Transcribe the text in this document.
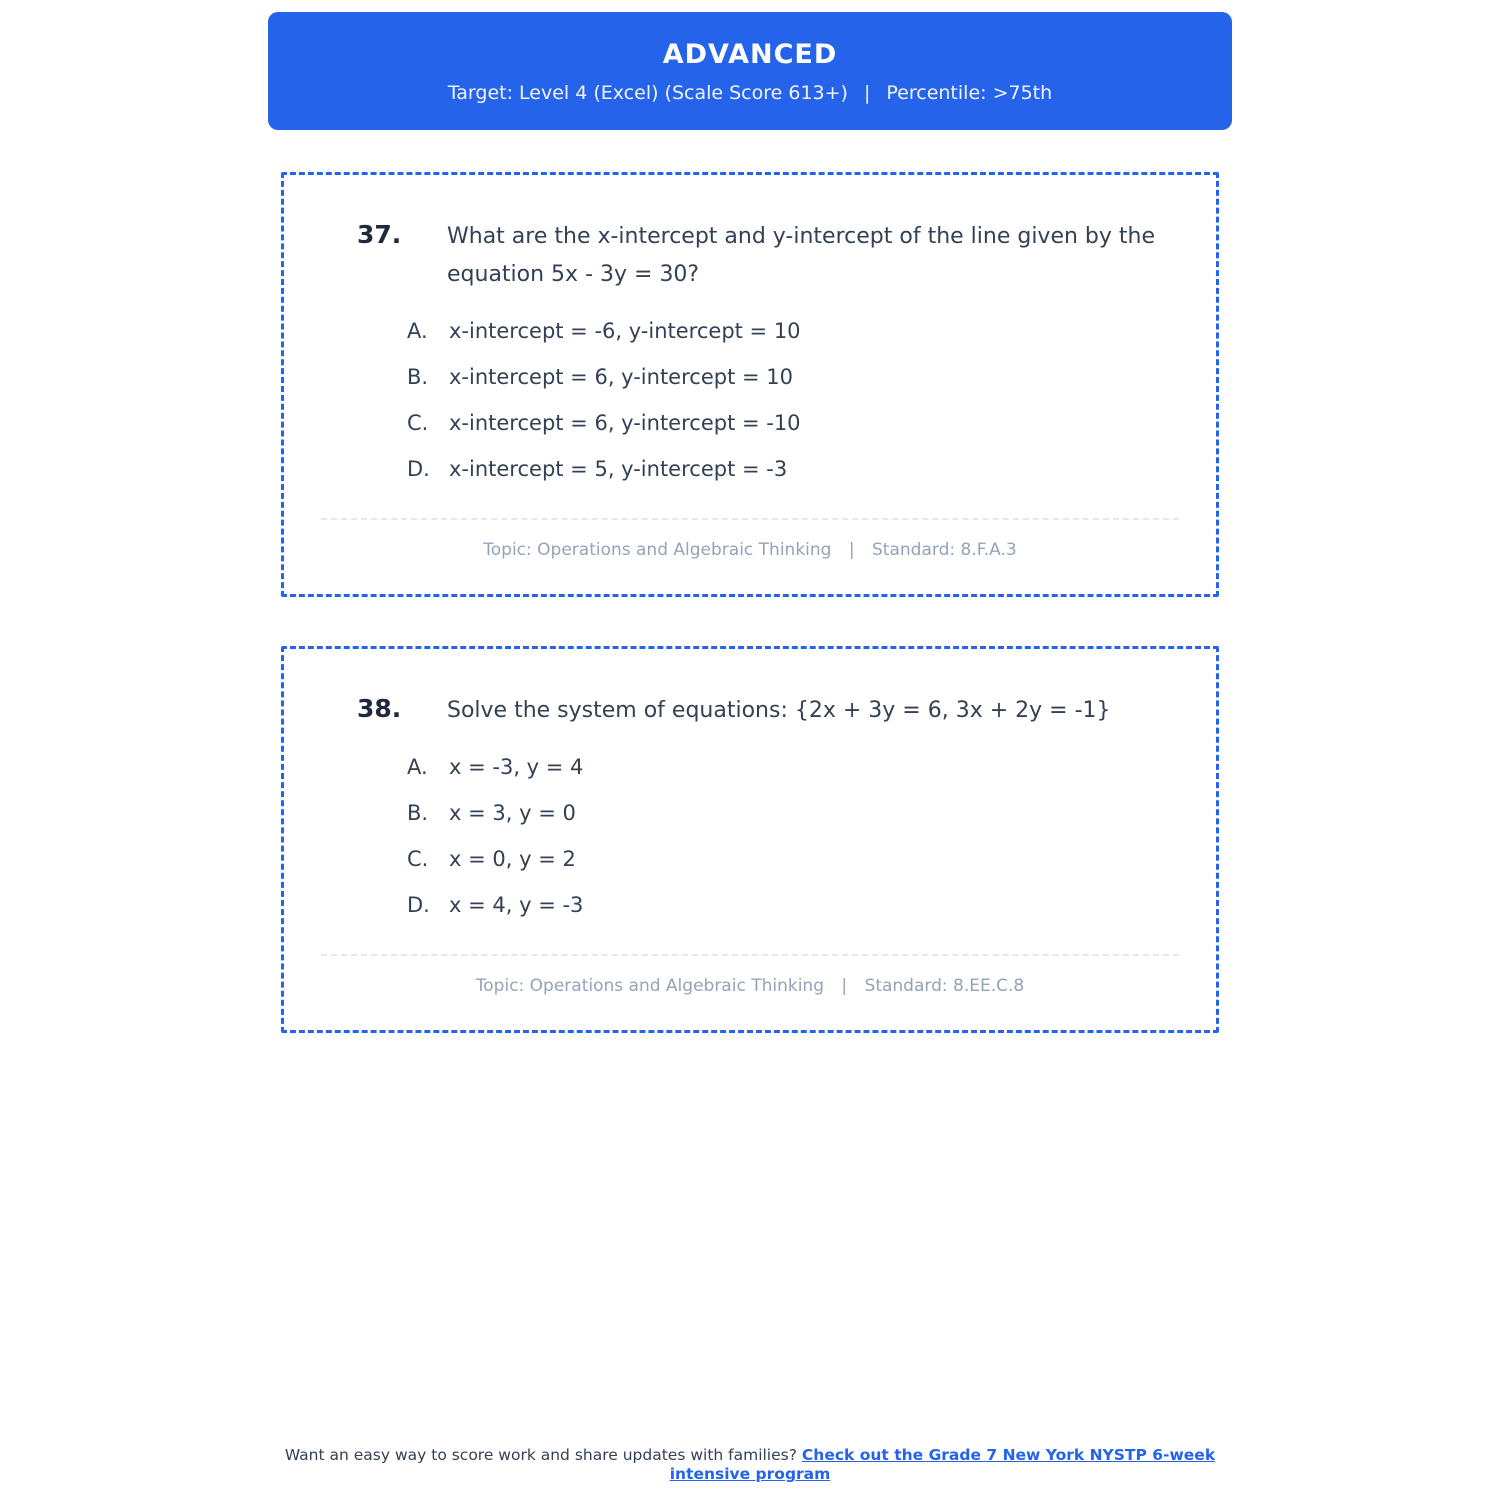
ADVANCED
Target: Level 4 (Excel) (Scale Score 613+) | Percentile: >75th
37.	What are the x-intercept and y-intercept of the line given by the equation 5x - 3y = 30?
A.	x-intercept = -6, y-intercept = 10
B. x-intercept = 6, y-intercept = 10
C. x-intercept = 6, y-intercept = -10
D. x-intercept = 5, y-intercept = -3
Topic: Operations and Algebraic Thinking | Standard: 8.F.A.3
38.	Solve the system of equations: {2x + 3y = 6, 3x + 2y = -1}
A.	x = -3, y = 4
B. x = 3, y = 0
C. x = 0, y = 2
D. x = 4, y = -3
Topic: Operations and Algebraic Thinking | Standard: 8.EE.C.8
Want an easy way to score work and share updates with families? Check out the Grade 7 New York NYSTP 6-week intensive program
